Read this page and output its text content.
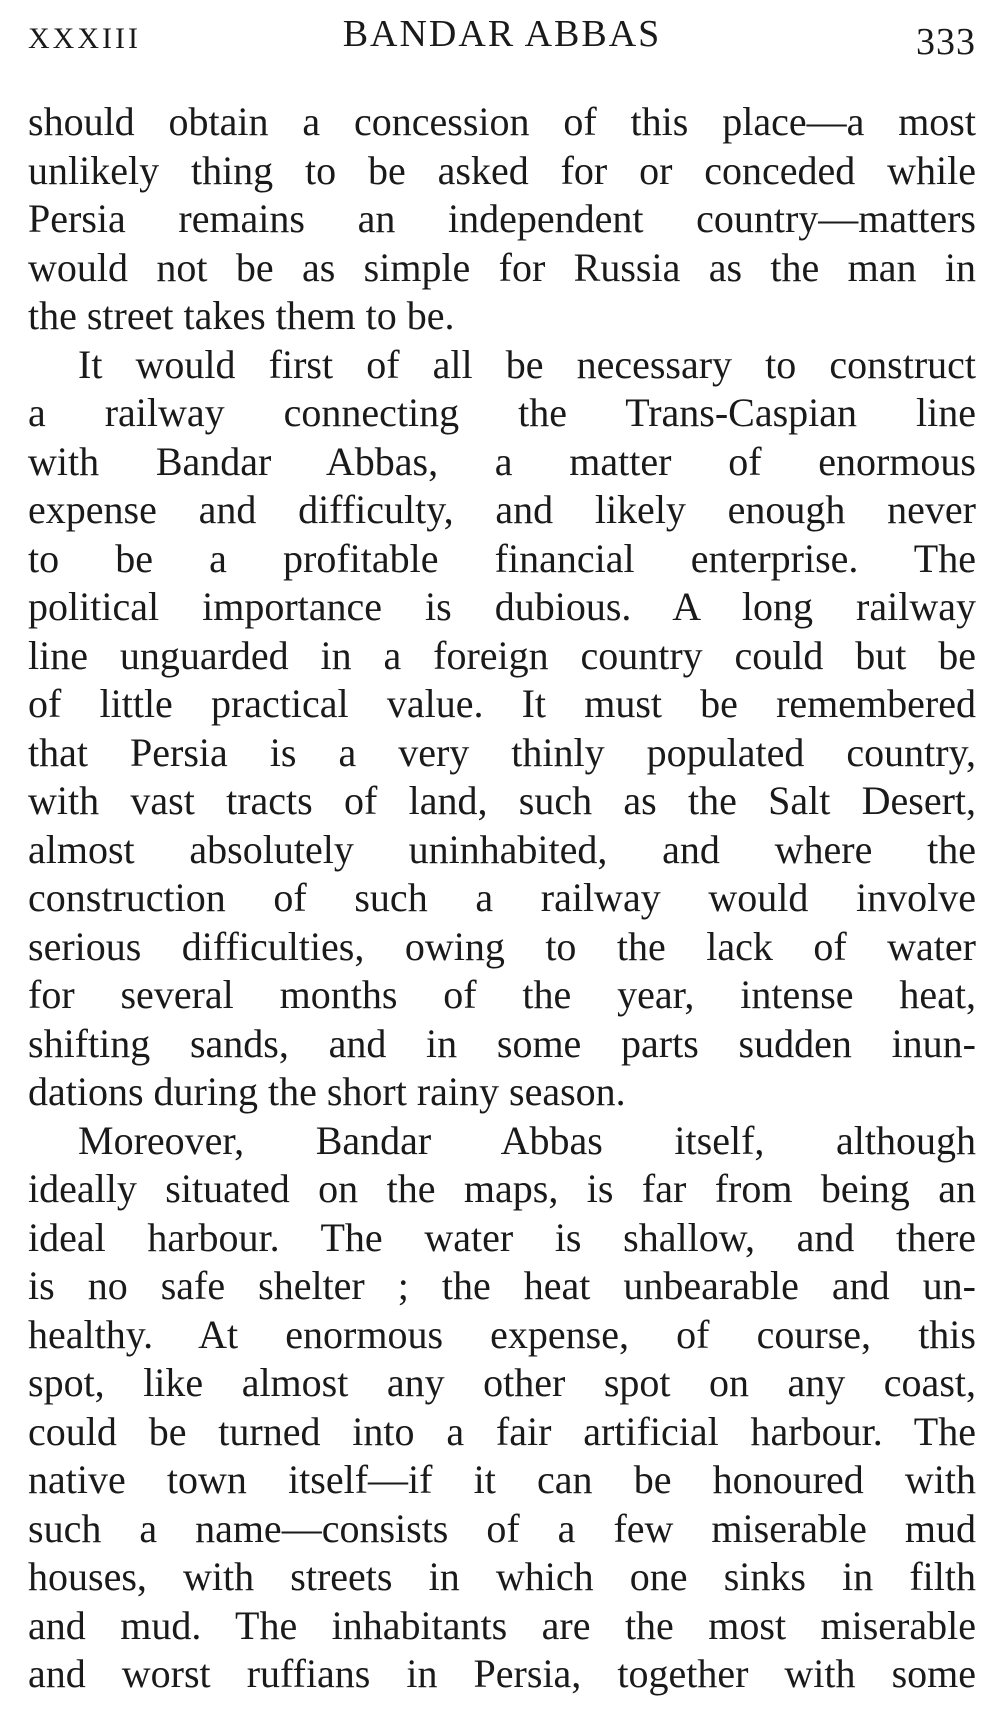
XXXIII	BANDAR ABBAS	333
should obtain a concession of this place—a most
unlikely thing to be asked for or conceded while
Persia remains an independent country—matters
would not be as simple for Russia as the man in
the street takes them to be.
It would first of all be necessary to construct
a railway connecting the Trans-Caspian line
with Bandar Abbas, a matter of enormous
expense and difficulty, and likely enough never
to be a profitable financial enterprise. The
political importance is dubious. A long railway
line unguarded in a foreign country could but be
of little practical value. It must be remembered
that Persia is a very thinly populated country,
with vast tracts of land, such as the Salt Desert,
almost absolutely uninhabited, and where the
construction of such a railway would involve
serious difficulties, owing to the lack of water
for several months of the year, intense heat,
shifting sands, and in some parts sudden inun-
dations during the short rainy season.
Moreover, Bandar Abbas itself, although
ideally situated on the maps, is far from being an
ideal harbour. The water is shallow, and there
is no safe shelter ; the heat unbearable and un-
healthy. At enormous expense, of course, this
spot, like almost any other spot on any coast,
could be turned into a fair artificial harbour. The
native town itself—if it can be honoured with
such a name—consists of a few miserable mud
houses, with streets in which one sinks in filth
and mud. The inhabitants are the most miserable
and worst ruffians in Persia, together with some
